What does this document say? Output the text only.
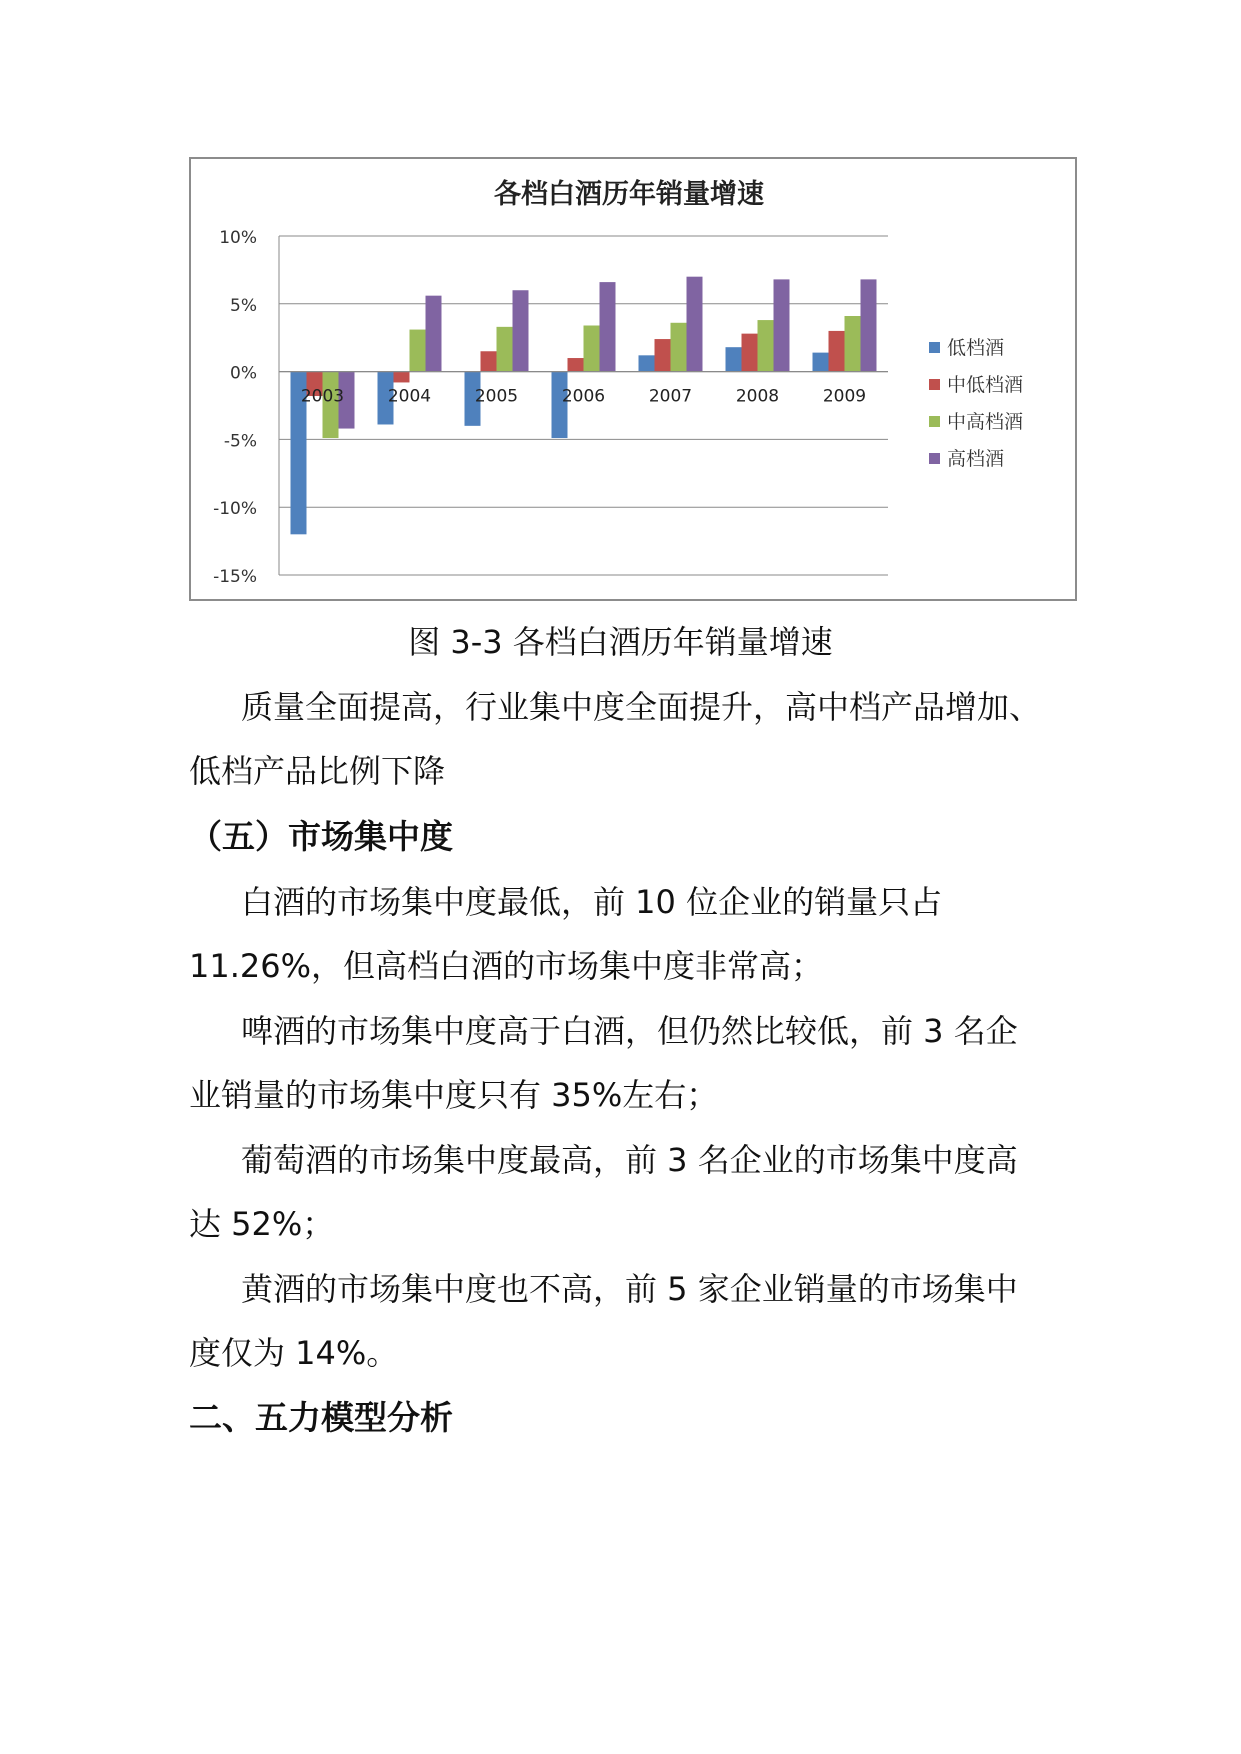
各档白酒历年销量增速
10%
5%
0%
-5%
-10%
-15%
2003	2004	2005	2006	2007	2008	2009
低档酒
中低档酒
中高档酒
高档酒
图 3-3 各档白酒历年销量增速

质量全面提高，行业集中度全面提升，高中档产品增加、

低档产品比例下降

（五）市场集中度

白酒的市场集中度最低，前 10 位企业的销量只占

11.26%，但高档白酒的市场集中度非常高；

啤酒的市场集中度高于白酒，但仍然比较低，前 3 名企

业销量的市场集中度只有 35%左右；

葡萄酒的市场集中度最高，前 3 名企业的市场集中度高

达 52%；

黄酒的市场集中度也不高，前 5 家企业销量的市场集中

度仅为 14%。

二、五力模型分析
